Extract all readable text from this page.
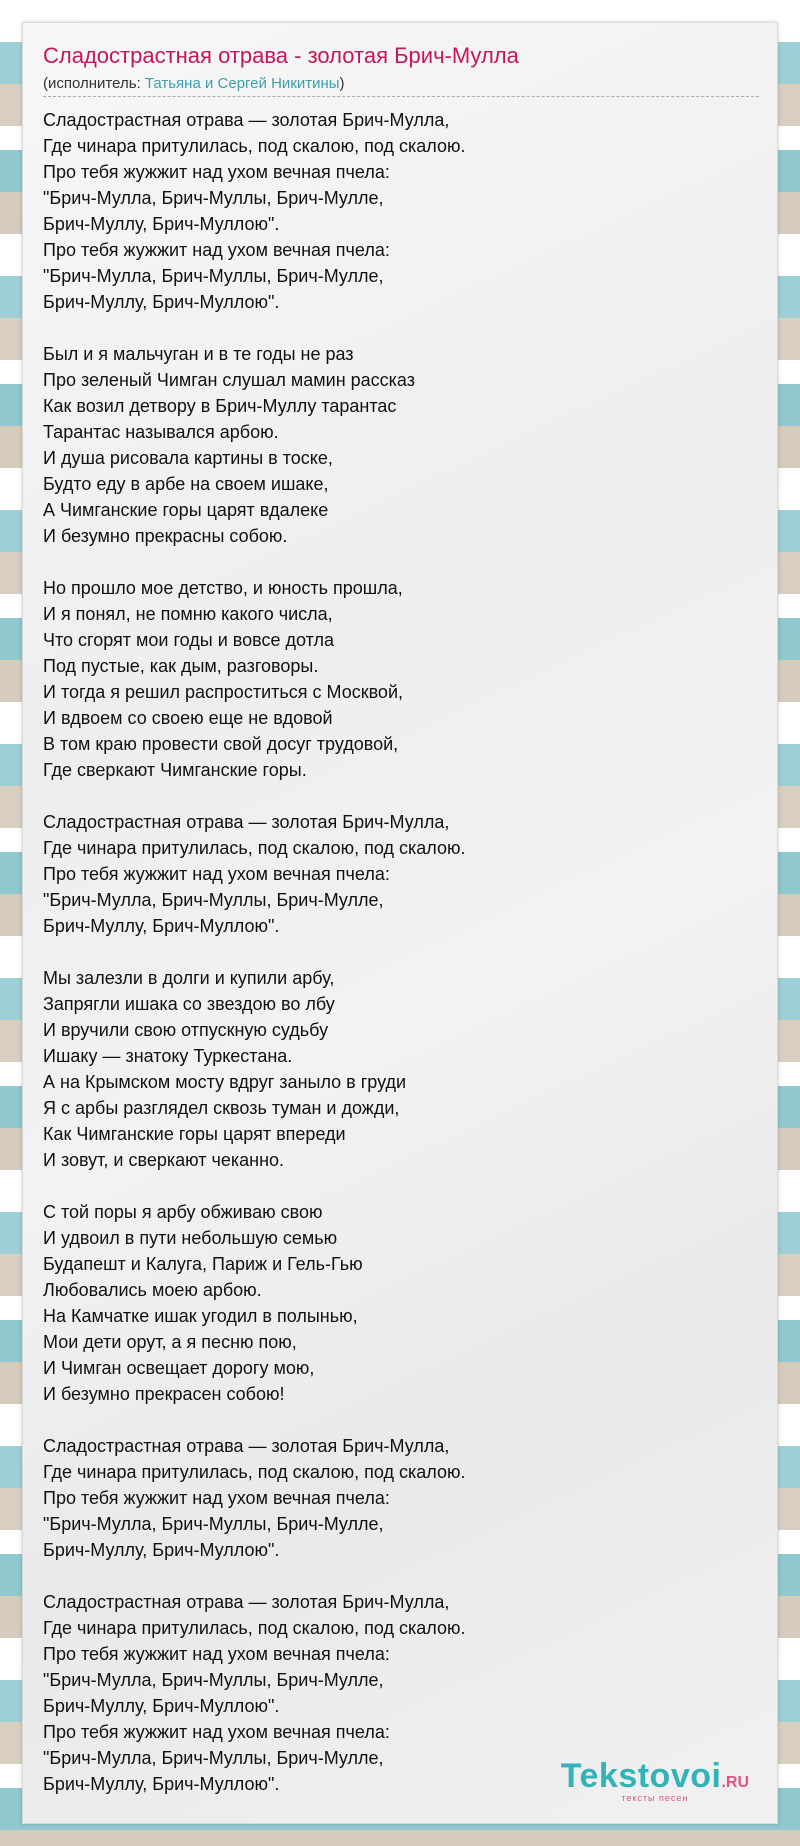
Сладострастная отрава - золотая Брич-Мулла
(исполнитель: Татьяна и Сергей Никитины)
Сладострастная отрава — золотая Брич-Мулла,
Где чинара притулилась, под скалою, под скалою.
Про тебя жужжит над ухом вечная пчела:
"Брич-Мулла, Брич-Муллы, Брич-Мулле,
Брич-Муллу, Брич-Муллою".
Про тебя жужжит над ухом вечная пчела:
"Брич-Мулла, Брич-Муллы, Брич-Мулле,
Брич-Муллу, Брич-Муллою".
Был и я мальчуган и в те годы не раз
Про зеленый Чимган слушал мамин рассказ
Как возил детвору в Брич-Муллу тарантас
Тарантас назывался арбою.
И душа рисовала картины в тоске,
Будто еду в арбе на своем ишаке,
А Чимганские горы царят вдалеке
И безумно прекрасны собою.
Но прошло мое детство, и юность прошла,
И я понял, не помню какого числа,
Что сгорят мои годы и вовсе дотла
Под пустые, как дым, разговоры.
И тогда я решил распроститься с Москвой,
И вдвоем со своею еще не вдовой
В том краю провести свой досуг трудовой,
Где сверкают Чимганские горы.
Сладострастная отрава — золотая Брич-Мулла,
Где чинара притулилась, под скалою, под скалою.
Про тебя жужжит над ухом вечная пчела:
"Брич-Мулла, Брич-Муллы, Брич-Мулле,
Брич-Муллу, Брич-Муллою".
Мы залезли в долги и купили арбу,
Запрягли ишака со звездою во лбу
И вручили свою отпускную судьбу
Ишаку — знатоку Туркестана.
А на Крымском мосту вдруг заныло в груди
Я с арбы разглядел сквозь туман и дожди,
Как Чимганские горы царят впереди
И зовут, и сверкают чеканно.
С той поры я арбу обживаю свою
И удвоил в пути небольшую семью
Будапешт и Калуга, Париж и Гель-Гью
Любовались моею арбою.
На Камчатке ишак угодил в полынью,
Мои дети орут, а я песню пою,
И Чимган освещает дорогу мою,
И безумно прекрасен собою!
Сладострастная отрава — золотая Брич-Мулла,
Где чинара притулилась, под скалою, под скалою.
Про тебя жужжит над ухом вечная пчела:
"Брич-Мулла, Брич-Муллы, Брич-Мулле,
Брич-Муллу, Брич-Муллою".
Сладострастная отрава — золотая Брич-Мулла,
Где чинара притулилась, под скалою, под скалою.
Про тебя жужжит над ухом вечная пчела:
"Брич-Мулла, Брич-Муллы, Брич-Мулле,
Брич-Муллу, Брич-Муллою".
Про тебя жужжит над ухом вечная пчела:
"Брич-Мулла, Брич-Муллы, Брич-Мулле,
Брич-Муллу, Брич-Муллою".	Tekstovoi.RU
тексты песен
